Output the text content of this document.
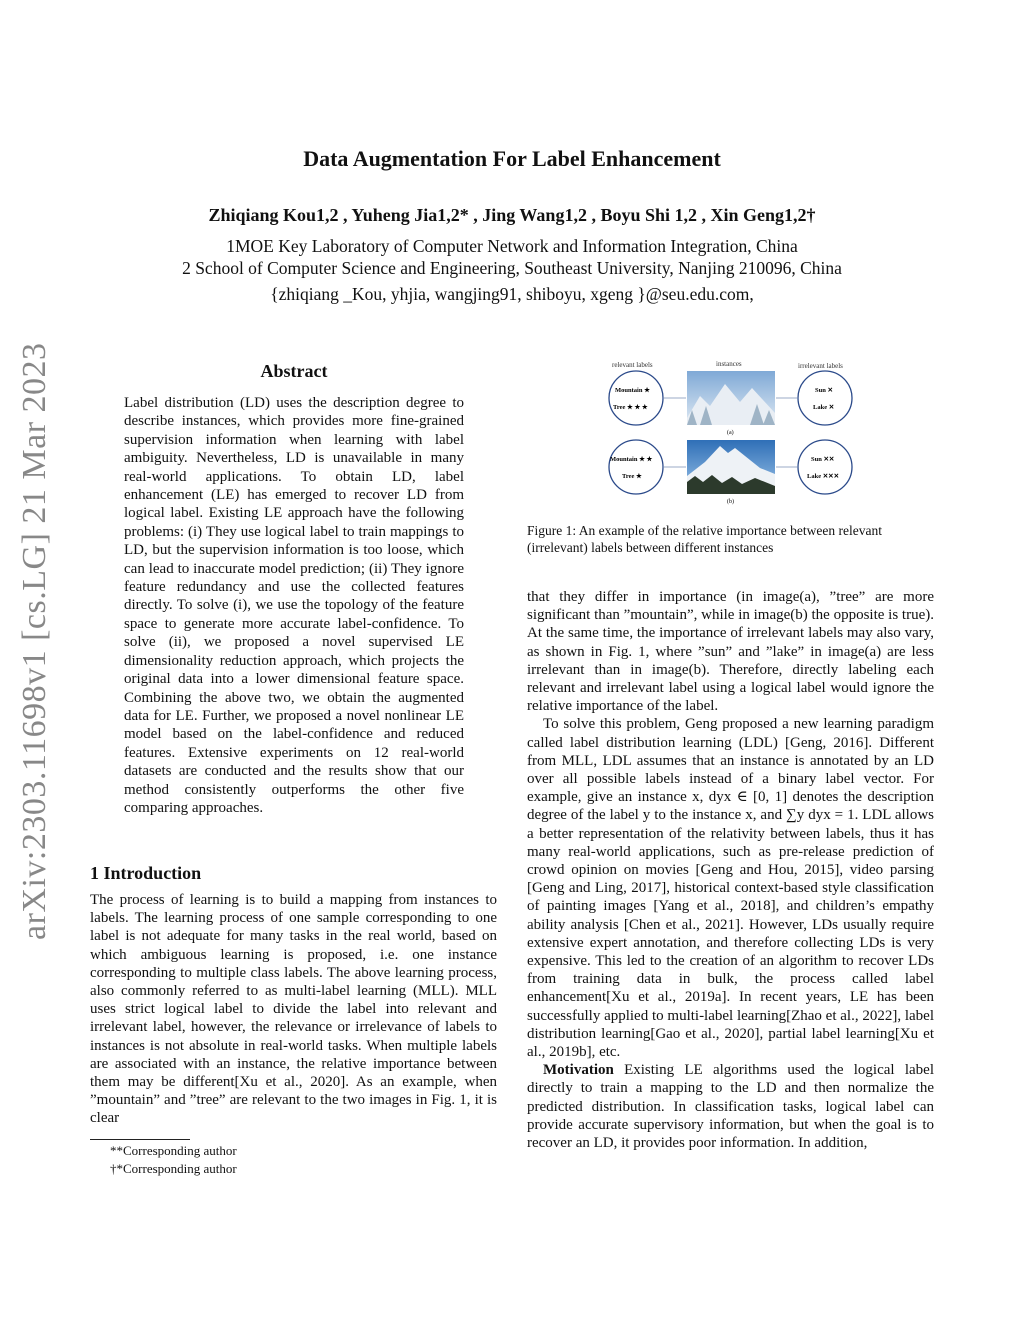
arXiv:2303.11698v1 [cs.LG] 21 Mar 2023
Data Augmentation For Label Enhancement
Zhiqiang Kou1,2 , Yuheng Jia1,2* , Jing Wang1,2 , Boyu Shi 1,2 , Xin Geng1,2†
1MOE Key Laboratory of Computer Network and Information Integration, China
2 School of Computer Science and Engineering, Southeast University, Nanjing 210096, China
{zhiqiang _Kou, yhjia, wangjing91, shiboyu, xgeng }@seu.edu.com,
Abstract
Label distribution (LD) uses the description degree to describe instances, which provides more fine-grained supervision information when learning with label ambiguity. Nevertheless, LD is unavailable in many real-world applications. To obtain LD, label enhancement (LE) has emerged to recover LD from logical label. Existing LE approach have the following problems: (i) They use logical label to train mappings to LD, but the supervision information is too loose, which can lead to inaccurate model prediction; (ii) They ignore feature redundancy and use the collected features directly. To solve (i), we use the topology of the feature space to generate more accurate label-confidence. To solve (ii), we proposed a novel supervised LE dimensionality reduction approach, which projects the original data into a lower dimensional feature space. Combining the above two, we obtain the augmented data for LE. Further, we proposed a novel nonlinear LE model based on the label-confidence and reduced features. Extensive experiments on 12 real-world datasets are conducted and the results show that our method consistently outperforms the other five comparing approaches.
1 Introduction
The process of learning is to build a mapping from instances to labels. The learning process of one sample corresponding to one label is not adequate for many tasks in the real world, based on which ambiguous learning is proposed, i.e. one instance corresponding to multiple class labels. The above learning process, also commonly referred to as multi-label learning (MLL). MLL uses strict logical label to divide the label into relevant and irrelevant label, however, the relevance or irrelevance of labels to instances is not absolute in real-world tasks. When multiple labels are associated with an instance, the relative importance between them may be different[Xu et al., 2020]. As an example, when ”mountain” and ”tree” are relevant to the two images in Fig. 1, it is clear
**Corresponding author
†*Corresponding author
relevant labels	instances	irrelevant labels
Mountain ★
Tree ★ ★ ★
(a)
Sun ✕
Lake ✕
Mountain ★ ★
Tree ★
(b)
Sun ✕✕
Lake ✕✕✕
Figure 1: An example of the relative importance between relevant (irrelevant) labels between different instances

that they differ in importance (in image(a), ”tree” are more significant than ”mountain”, while in image(b) the opposite is true). At the same time, the importance of irrelevant labels may also vary, as shown in Fig. 1, where ”sun” and ”lake” in image(a) are less irrelevant than in image(b). Therefore, directly labeling each relevant and irrelevant label using a logical label would ignore the relative importance of the label.

To solve this problem, Geng proposed a new learning paradigm called label distribution learning (LDL) [Geng, 2016]. Different from MLL, LDL assumes that an instance is annotated by an LD over all possible labels instead of a binary label vector. For example, give an instance x, dyx ∈ [0, 1] denotes the description degree of the label y to the instance x, and ∑y dyx = 1. LDL allows a better representation of the relativity between labels, thus it has many real-world applications, such as pre-release prediction of crowd opinion on movies [Geng and Hou, 2015], video parsing [Geng and Ling, 2017], historical context-based style classification of painting images [Yang et al., 2018], and children’s empathy ability analysis [Chen et al., 2021]. However, LDs usually require extensive expert annotation, and therefore collecting LDs is very expensive. This led to the creation of an algorithm to recover LDs from training data in bulk, the process called label enhancement[Xu et al., 2019a]. In recent years, LE has been successfully applied to multi-label learning[Zhao et al., 2022], label distribution learning[Gao et al., 2020], partial label learning[Xu et al., 2019b], etc.

Motivation Existing LE algorithms used the logical label directly to train a mapping to the LD and then normalize the predicted distribution. In classification tasks, logical label can provide accurate supervisory information, but when the goal is to recover an LD, it provides poor information. In addition,
